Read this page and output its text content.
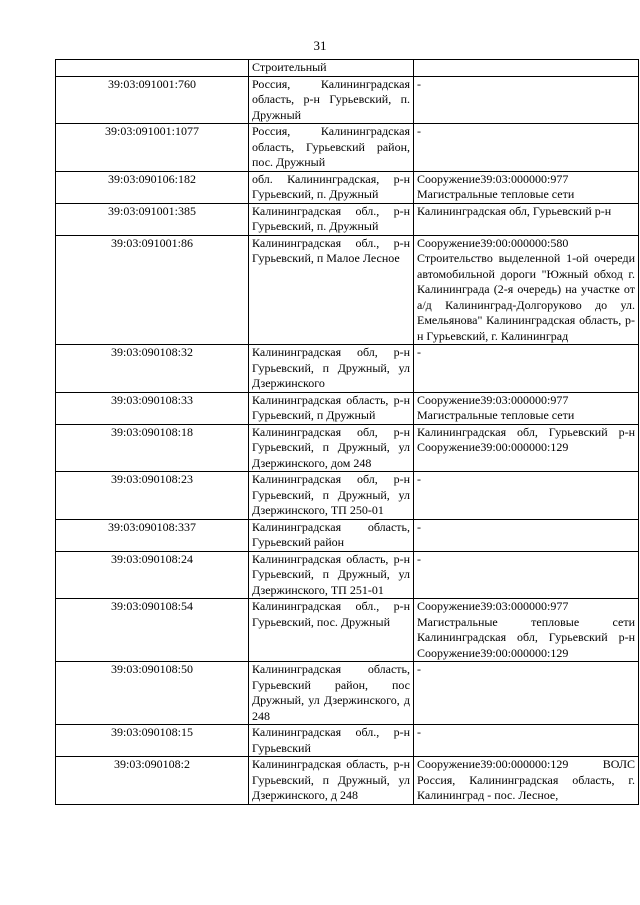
31
	Строительный	
39:03:091001:760	Россия, Калининградская область, р-н Гурьевский, п. Дружный	-
39:03:091001:1077	Россия, Калининградская область, Гурьевский район, пос. Дружный	-
39:03:090106:182	обл. Калининградская, р-н Гурьевский, п. Дружный	Сооружение39:03:000000:977 Магистральные тепловые сети
39:03:091001:385	Калининградская обл., р-н Гурьевский, п. Дружный	Калининградская обл, Гурьевский р-н
39:03:091001:86	Калининградская обл., р-н Гурьевский, п Малое Лесное	Сооружение39:00:000000:580 Строительство выделенной 1-ой очереди автомобильной дороги "Южный обход г. Калининграда (2-я очередь) на участке от а/д Калининград-Долгоруково до ул. Емельянова" Калининградская область, р-н Гурьевский, г. Калининград
39:03:090108:32	Калининградская обл, р-н Гурьевский, п Дружный, ул Дзержинского	-
39:03:090108:33	Калининградская область, р-н Гурьевский, п Дружный	Сооружение39:03:000000:977 Магистральные тепловые сети
39:03:090108:18	Калининградская обл, р-н Гурьевский, п Дружный, ул Дзержинского, дом 248	Калининградская обл, Гурьевский р-н Сооружение39:00:000000:129
39:03:090108:23	Калининградская обл, р-н Гурьевский, п Дружный, ул Дзержинского, ТП 250-01	-
39:03:090108:337	Калининградская область, Гурьевский район	-
39:03:090108:24	Калининградская область, р-н Гурьевский, п Дружный, ул Дзержинского, ТП 251-01	-
39:03:090108:54	Калининградская обл., р-н Гурьевский, пос. Дружный	Сооружение39:03:000000:977 Магистральные тепловые сети Калининградская обл, Гурьевский р-н Сооружение39:00:000000:129
39:03:090108:50	Калининградская область, Гурьевский район, пос Дружный, ул Дзержинского, д 248	-
39:03:090108:15	Калининградская обл., р-н Гурьевский	-
39:03:090108:2	Калининградская область, р-н Гурьевский, п Дружный, ул Дзержинского, д 248	Сооружение39:00:000000:129 ВОЛС Россия, Калининградская область, г. Калининград - пос. Лесное,
